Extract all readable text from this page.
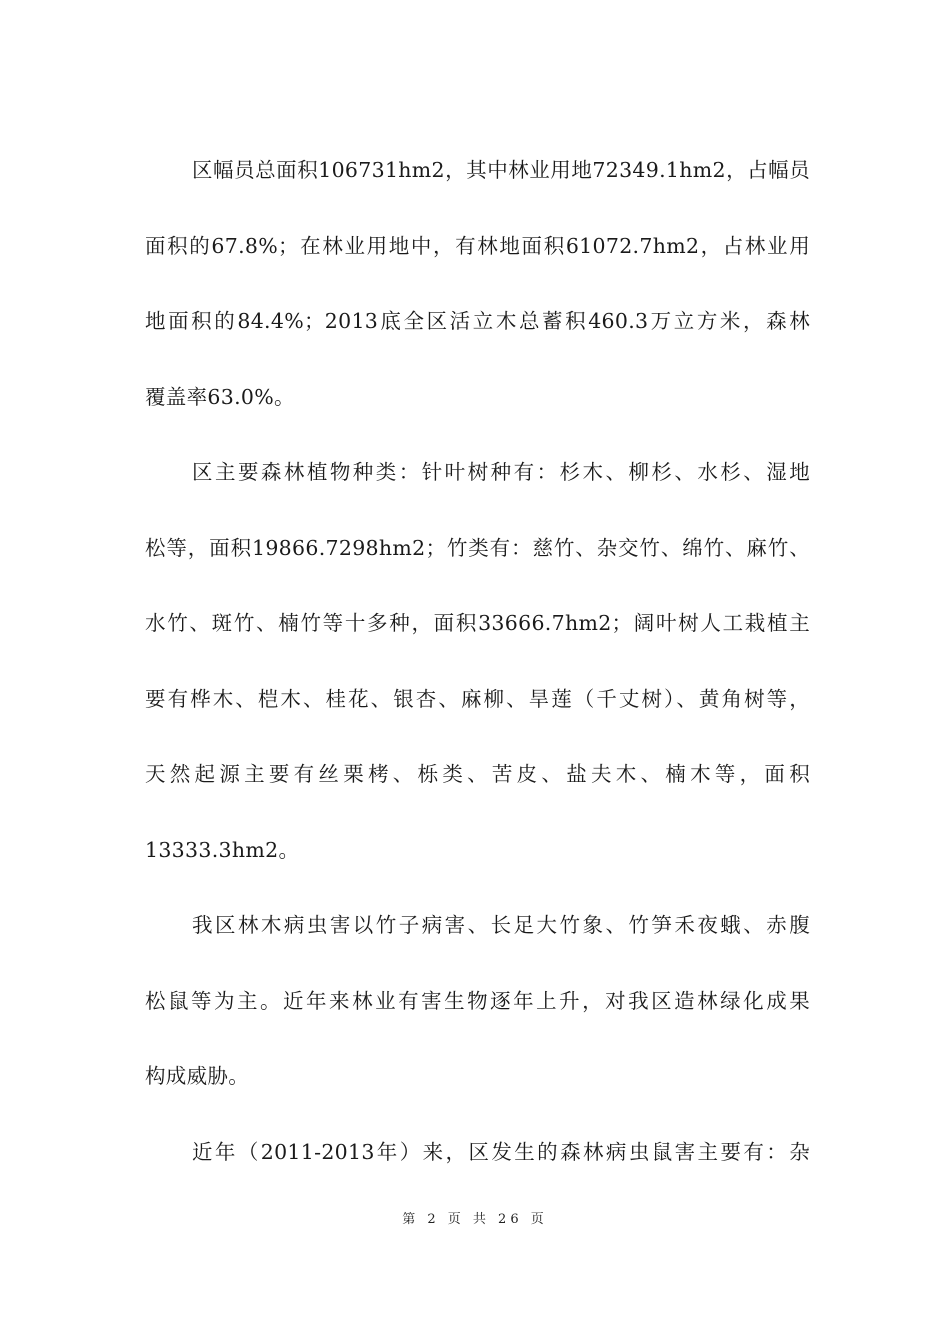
区幅员总面积106731hm2，其中林业用地72349.1hm2，占幅员
面积的67.8%；在林业用地中，有林地面积61072.7hm2，占林业用
地面积的84.4%；2013底全区活立木总蓄积460.3万立方米，森林
覆盖率63.0%。

区主要森林植物种类：针叶树种有：杉木、柳杉、水杉、湿地
松等，面积19866.7298hm2；竹类有：慈竹、杂交竹、绵竹、麻竹、
水竹、斑竹、楠竹等十多种，面积33666.7hm2；阔叶树人工栽植主
要有桦木、桤木、桂花、银杏、麻柳、旱莲（千丈树）、黄角树等，
天然起源主要有丝栗栲、栎类、苦皮、盐夫木、楠木等，面积
13333.3hm2。

我区林木病虫害以竹子病害、长足大竹象、竹笋禾夜蛾、赤腹
松鼠等为主。近年来林业有害生物逐年上升，对我区造林绿化成果
构成威胁。

近年（2011-2013年）来，区发生的森林病虫鼠害主要有：杂

第 2 页 共 26 页
